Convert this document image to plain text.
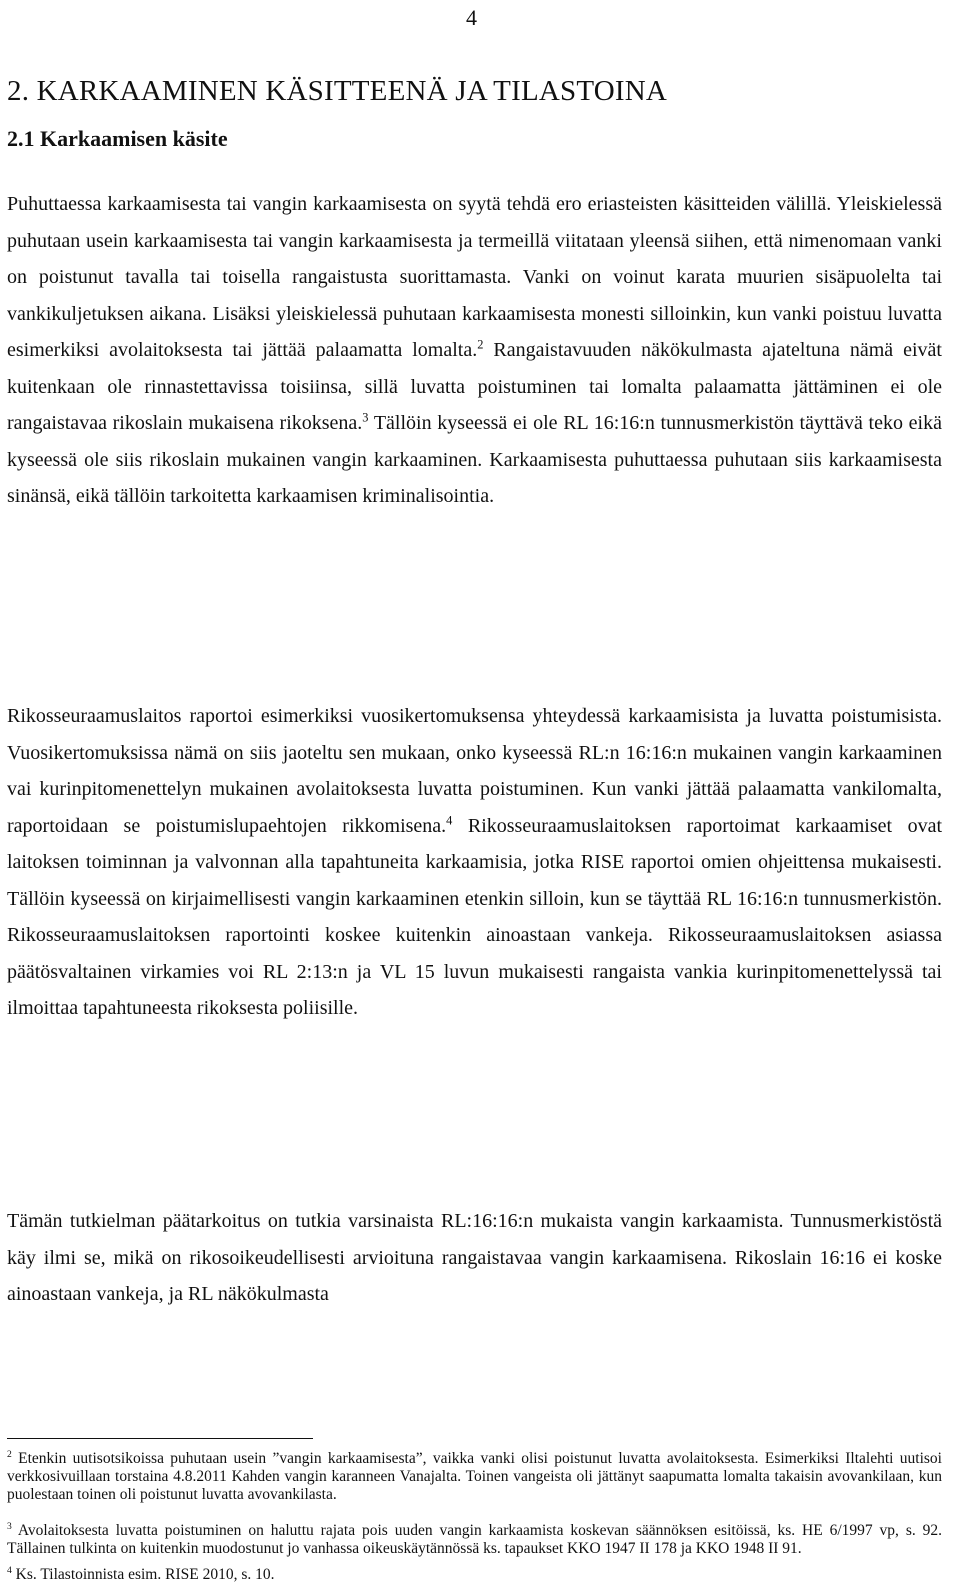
4
2. KARKAAMINEN KÄSITTEENÄ JA TILASTOINA
2.1 Karkaamisen käsite

Puhuttaessa karkaamisesta tai vangin karkaamisesta on syytä tehdä ero eriasteisten käsitteiden välillä. Yleiskielessä puhutaan usein karkaamisesta tai vangin karkaamisesta ja termeillä viitataan yleensä siihen, että nimenomaan vanki on poistunut tavalla tai toisella rangaistusta suorittamasta. Vanki on voinut karata muurien sisäpuolelta tai vankikuljetuksen aikana. Lisäksi yleiskielessä puhutaan karkaamisesta monesti silloinkin, kun vanki poistuu luvatta esimerkiksi avolaitoksesta tai jättää palaamatta lomalta.$^2$ Rangaistavuuden näkökulmasta ajateltuna nämä eivät kuitenkaan ole rinnastettavissa toisiinsa, sillä luvatta poistuminen tai lomalta palaamatta jättäminen ei ole rangaistavaa rikoslain mukaisena rikoksena.$^3$ Tällöin kyseessä ei ole RL 16:16:n tunnusmerkistön täyttävä teko eikä kyseessä ole siis rikoslain mukainen vangin karkaaminen. Karkaamisesta puhuttaessa puhutaan siis karkaamisesta sinänsä, eikä tällöin tarkoitetta karkaamisen kriminalisointia.

Rikosseuraamuslaitos raportoi esimerkiksi vuosikertomuksensa yhteydessä karkaamisista ja luvatta poistumisista. Vuosikertomuksissa nämä on siis jaoteltu sen mukaan, onko kyseessä RL:n 16:16:n mukainen vangin karkaaminen vai kurinpitomenettelyn mukainen avolaitoksesta luvatta poistuminen. Kun vanki jättää palaamatta vankilomalta, raportoidaan se poistumislupaehtojen rikkomisena.$^4$ Rikosseuraamuslaitoksen raportoimat karkaamiset ovat laitoksen toiminnan ja valvonnan alla tapahtuneita karkaamisia, jotka RISE raportoi omien ohjeittensa mukaisesti. Tällöin kyseessä on kirjaimellisesti vangin karkaaminen etenkin silloin, kun se täyttää RL 16:16:n tunnusmerkistön. Rikosseuraamuslaitoksen raportointi koskee kuitenkin ainoastaan vankeja. Rikosseuraamuslaitoksen asiassa päätösvaltainen virkamies voi RL 2:13:n ja VL 15 luvun mukaisesti rangaista vankia kurinpitomenettelyssä tai ilmoittaa tapahtuneesta rikoksesta poliisille.

Tämän tutkielman päätarkoitus on tutkia varsinaista RL:16:16:n mukaista vangin karkaamista. Tunnusmerkistöstä käy ilmi se, mikä on rikosoikeudellisesti arvioituna rangaistavaa vangin karkaamisena. Rikoslain 16:16 ei koske ainoastaan vankeja, ja RL näkökulmasta

$^2$ Etenkin uutisotsikoissa puhutaan usein ”vangin karkaamisesta”, vaikka vanki olisi poistunut luvatta avolaitoksesta. Esimerkiksi Iltalehti uutisoi verkkosivuillaan torstaina 4.8.2011 Kahden vangin karanneen Vanajalta. Toinen vangeista oli jättänyt saapumatta lomalta takaisin avovankilaan, kun puolestaan toinen oli poistunut luvatta avovankilasta.

$^3$ Avolaitoksesta luvatta poistuminen on haluttu rajata pois uuden vangin karkaamista koskevan säännöksen esitöissä, ks. HE 6/1997 vp, s. 92. Tällainen tulkinta on kuitenkin muodostunut jo vanhassa oikeuskäytännössä ks. tapaukset KKO 1947 II 178 ja KKO 1948 II 91.

$^4$ Ks. Tilastoinnista esim. RISE 2010, s. 10.
